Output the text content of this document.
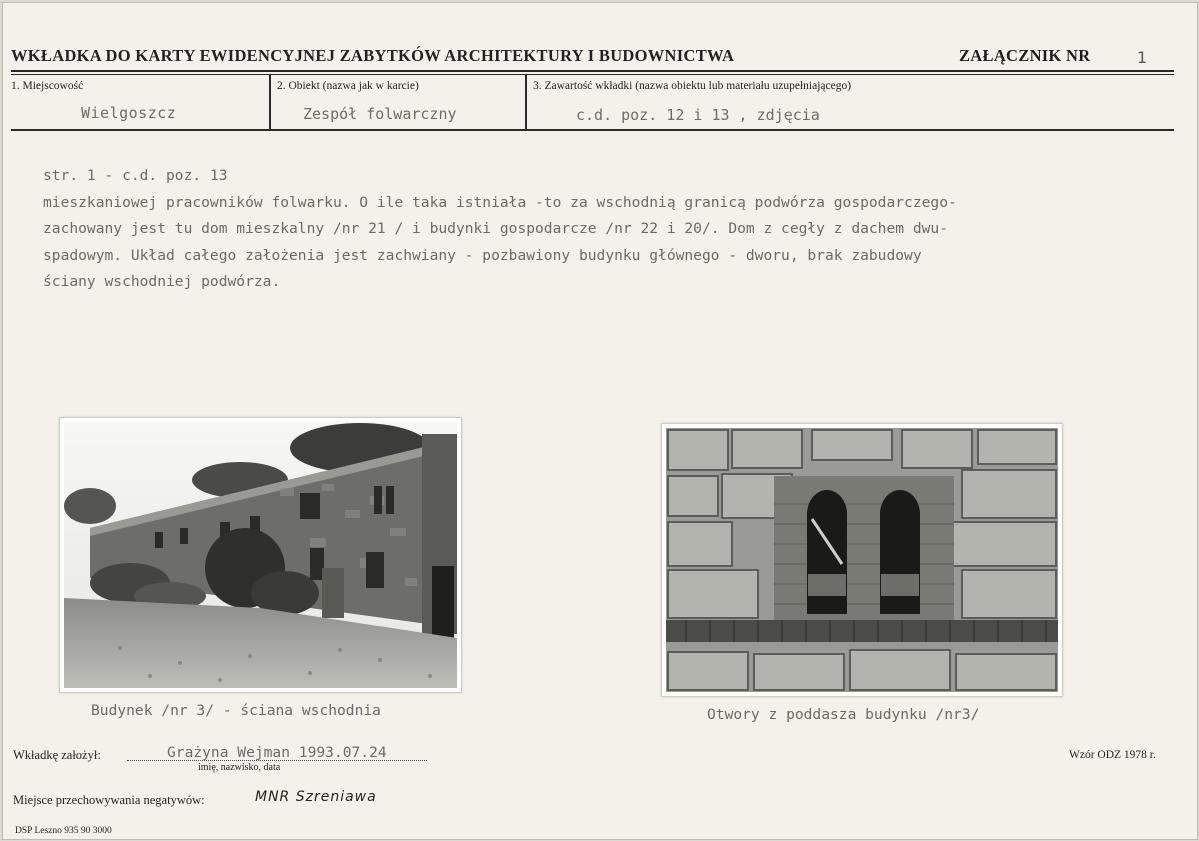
WKŁADKA DO KARTY EWIDENCYJNEJ ZABYTKÓW ARCHITEKTURY I BUDOWNICTWA	ZAŁĄCZNIK NR	1
1. Miejscowość	2. Obiekt (nazwa jak w karcie)	3. Zawartość wkładki (nazwa obiektu lub materiału uzupełniającego)
Wielgoszcz	Zespół folwarczny	c.d. poz. 12 i 13 , zdjęcia
str. 1 - c.d. poz. 13
mieszkaniowej pracowników folwarku. O ile taka istniała -to za wschodnią granicą podwórza gospodarczego-
zachowany jest tu dom mieszkalny /nr 21 / i budynki gospodarcze /nr 22 i 20/. Dom z cegły z dachem dwu-
spadowym. Układ całego założenia jest zachwiany - pozbawiony budynku głównego - dworu, brak zabudowy
ściany wschodniej podwórza.
Budynek /nr 3/ - ściana wschodnia	Otwory z poddasza budynku /nr3/
Wkładkę założył:	Grażyna Wejman 1993.07.24
imię, nazwisko, data
Wzór ODZ 1978 r.
Miejsce przechowywania negatywów:	MNR Szreniawa
DSP Leszno 935 90 3000
